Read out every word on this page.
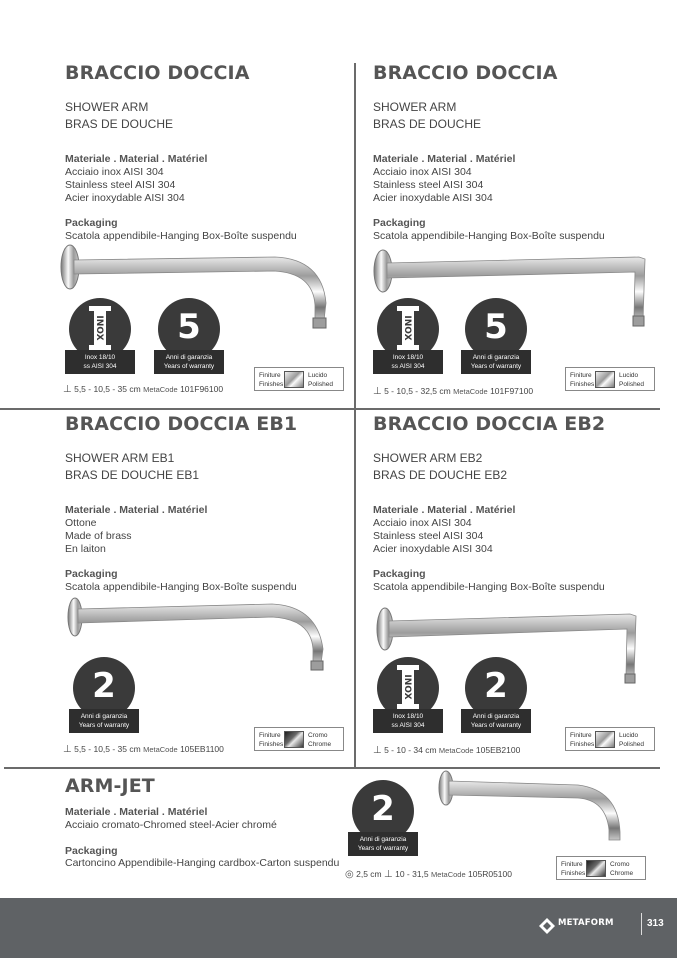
BRACCIO DOCCIA
SHOWER ARM
BRAS DE DOUCHE
Materiale . Material . Matériel
Acciaio inox AISI 304
Stainless steel AISI 304
Acier inoxydable AISI 304
Packaging
Scatola appendibile-Hanging Box-Boîte suspendu
INOX
Inox 18/10
ss AISI 304
5
Anni di garanzia
Years of warranty
Finiture
Finishes
Lucido
Polished
⊥ 5,5 - 10,5 - 35 cm MetaCode 101F96100
BRACCIO DOCCIA
SHOWER ARM
BRAS DE DOUCHE
Materiale . Material . Matériel
Acciaio inox AISI 304
Stainless steel AISI 304
Acier inoxydable AISI 304
Packaging
Scatola appendibile-Hanging Box-Boîte suspendu
INOX
Inox 18/10
ss AISI 304
5
Anni di garanzia
Years of warranty
Finiture
Finishes
Lucido
Polished
⊥ 5 - 10,5 - 32,5 cm MetaCode 101F97100
BRACCIO DOCCIA EB1
SHOWER ARM EB1
BRAS DE DOUCHE EB1
Materiale . Material . Matériel
Ottone
Made of brass
En laiton
Packaging
Scatola appendibile-Hanging Box-Boîte suspendu
2
Anni di garanzia
Years of warranty
Finiture
Finishes
Cromo
Chrome
⊥ 5,5 - 10,5 - 35 cm MetaCode 105EB1100
BRACCIO DOCCIA EB2
SHOWER ARM EB2
BRAS DE DOUCHE EB2
Materiale . Material . Matériel
Acciaio inox AISI 304
Stainless steel AISI 304
Acier inoxydable AISI 304
Packaging
Scatola appendibile-Hanging Box-Boîte suspendu
INOX
Inox 18/10
ss AISI 304
2
Anni di garanzia
Years of warranty
Finiture
Finishes
Lucido
Polished
⊥ 5 - 10 - 34 cm MetaCode 105EB2100
ARM-JET
Materiale . Material . Matériel
Acciaio cromato-Chromed steel-Acier chromé
Packaging
Cartoncino Appendibile-Hanging cardbox-Carton suspendu
2
Anni di garanzia
Years of warranty
Finiture
Finishes
Cromo
Chrome
◎ 2,5 cm ⊥ 10 - 31,5 MetaCode 105R05100
METAFORM	313
